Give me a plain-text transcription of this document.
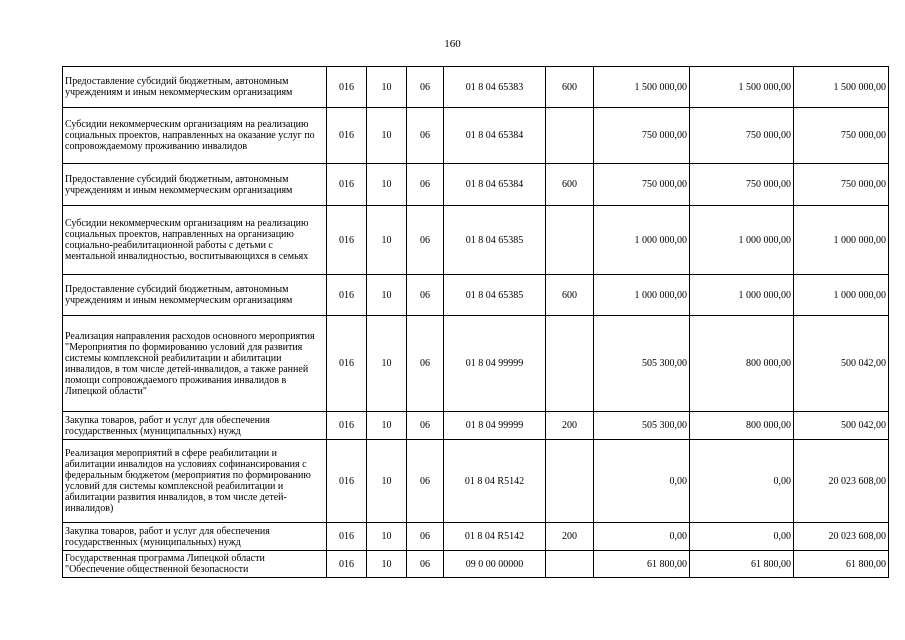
160
Предоставление субсидий бюджетным, автономным учреждениям и иным некоммерческим организациям	016	10	06	01 8 04 65383	600	1 500 000,00	1 500 000,00	1 500 000,00
Субсидии некоммерческим организациям на реализацию социальных проектов, направленных на оказание услуг по сопровождаемому проживанию инвалидов	016	10	06	01 8 04 65384		750 000,00	750 000,00	750 000,00
Предоставление субсидий бюджетным, автономным учреждениям и иным некоммерческим организациям	016	10	06	01 8 04 65384	600	750 000,00	750 000,00	750 000,00
Субсидии некоммерческим организациям на реализацию социальных проектов, направленных на организацию социально-реабилитационной работы с детьми с ментальной инвалидностью, воспитывающихся в семьях	016	10	06	01 8 04 65385		1 000 000,00	1 000 000,00	1 000 000,00
Предоставление субсидий бюджетным, автономным учреждениям и иным некоммерческим организациям	016	10	06	01 8 04 65385	600	1 000 000,00	1 000 000,00	1 000 000,00
Реализация направления расходов основного мероприятия "Мероприятия по формированию условий для развития системы комплексной реабилитации и абилитации инвалидов, в том числе детей-инвалидов, а также ранней помощи сопровождаемого проживания инвалидов в Липецкой области"	016	10	06	01 8 04 99999		505 300,00	800 000,00	500 042,00
Закупка товаров, работ и услуг для обеспечения государственных (муниципальных) нужд	016	10	06	01 8 04 99999	200	505 300,00	800 000,00	500 042,00
Реализация мероприятий в сфере реабилитации и абилитации инвалидов на условиях софинансирования с федеральным бюджетом (мероприятия по формированию условий для системы комплексной реабилитации и абилитации развития инвалидов, в том числе детей-инвалидов)	016	10	06	01 8 04 R5142		0,00	0,00	20 023 608,00
Закупка товаров, работ и услуг для обеспечения государственных (муниципальных) нужд	016	10	06	01 8 04 R5142	200	0,00	0,00	20 023 608,00
Государственная программа Липецкой области "Обеспечение общественной безопасности	016	10	06	09 0 00 00000		61 800,00	61 800,00	61 800,00
